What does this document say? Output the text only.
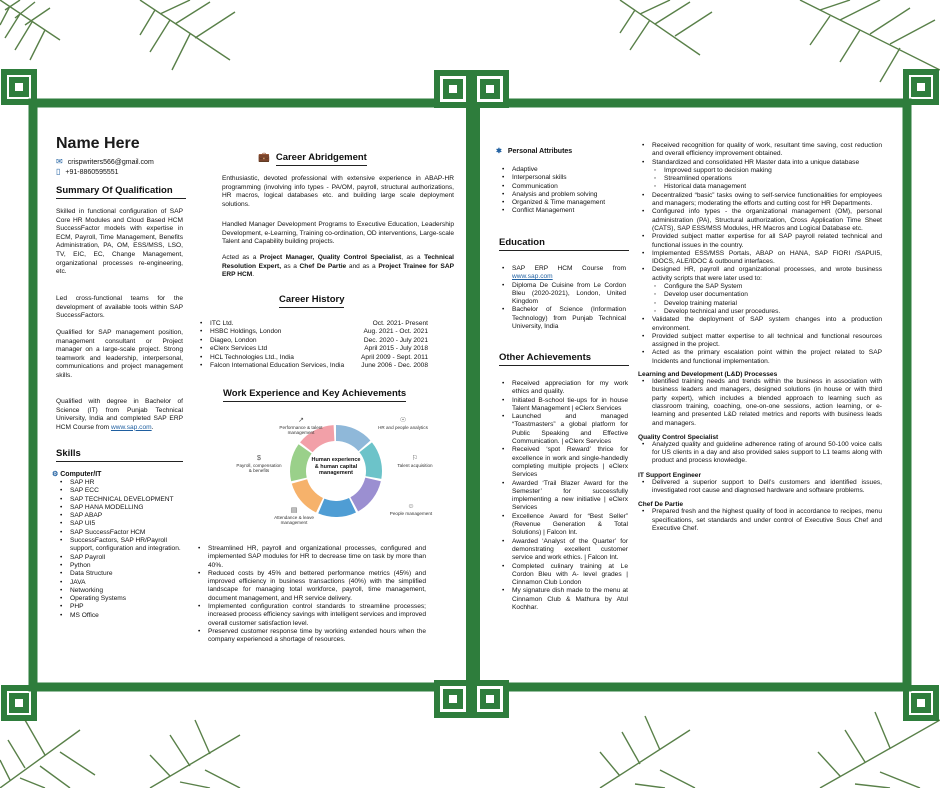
Name Here
✉ crispwriters566@gmail.com
▯ +91-8860595551
Summary Of Qualification
Skilled in functional configuration of SAP Core HR Modules and Cloud Based HCM SuccessFactor models with expertise in ECM, Payroll, Time Management, Benefits Administration, PA, OM, ESS/MSS, LSO, TV, EIC, EC, Change Management, organizational processes re-engineering, etc.
Led cross-functional teams for the development of available tools within SAP SuccessFactors.
Qualified for SAP management position, management consultant or Project manager on a large-scale project. Strong teamwork and leadership, interpersonal, communications and project management skills.
Qualified with degree in Bachelor of Science (IT) from Punjab Technical University, India and completed SAP ERP HCM Course from www.sap.com.
Skills
⚙ Computer/IT
• SAP HR
• SAP ECC
• SAP TECHNICAL DEVELOPMENT
• SAP HANA MODELLING
• SAP ABAP
• SAP UI5
• SAP SuccessFactor HCM
• SuccessFactors, SAP HR/Payroll support, configuration and integration.
• SAP Payroll
• Python
• Data Structure
• JAVA
• Networking
• Operating Systems
• PHP
• MS Office
💼 Career Abridgement
Enthusiastic, devoted professional with extensive experience in ABAP-HR programming (involving info types - PA/OM, payroll, structural authorizations, HR macros, logical databases etc. and building large scale deployment solutions.
Handled Manager Development Programs to Executive Education, Leadership Development, e-Learning, Training co-ordination, OD interventions, Large-scale Talent and Capability building projects.
Acted as a Project Manager, Quality Control Specialist, as a Technical Resolution Expert, as a Chef De Partie and as a Project Trainee for SAP ERP HCM.
Career History
• ITC Ltd.	Oct. 2021- Present
• HSBC Holdings, London	Aug. 2021 - Oct. 2021
• Diageo, London	Dec. 2020 - July 2021
• eClerx Services Ltd	April 2015 - July 2018
• HCL Technologies Ltd., India	April 2009 - Sept. 2011
• Falcon International Education Services, India	June 2006 - Dec. 2008
Work Experience and Key Achievements
Human experience & human capital management
↗
Performance & talent management
☉
HR and people analytics
⚐
Talent acquisition
☺
People management
▤
Attendance & leave management
$
Payroll, compensation & benefits
• Streamlined HR, payroll and organizational processes, configured and implemented SAP modules for HR to decrease time on task by more than 40%.
• Reduced costs by 45% and bettered performance metrics (45%) and improved efficiency in business transactions (40%) with the simplified landscape for managing total workforce, payroll, time management, document management, and HR service delivery.
• Implemented configuration control standards to streamline processes; increased process efficiency savings with intelligent services and improved overall customer satisfaction level.
• Preserved customer response time by working extended hours when the company experienced a shortage of resources.
✱ Personal Attributes
• Adaptive
• Interpersonal skills
• Communication
• Analysis and problem solving
• Organized & Time management
• Conflict Management
Education
• SAP ERP HCM Course from www.sap.com
• Diploma De Cuisine from Le Cordon Bleu (2020-2021), London, United Kingdom
• Bachelor of Science (Information Technology) from Punjab Technical University, India
Other Achievements
• Received appreciation for my work ethics and quality.
• Initiated B-school tie-ups for in house Talent Management | eClerx Services
• Launched and managed “Toastmasters” a global platform for Public Speaking and Effective Communication. | eClerx Services
• Received ‘spot Reward’ thrice for excellence in work and single-handedly completing multiple projects | eClerx Services
• Awarded ‘Trail Blazer Award for the Semester’ for successfully implementing a new initiative | eClerx Services
• Excellence Award for “Best Seller” (Revenue Generation & Total Solutions) | Falcon Int.
• Awarded ‘Analyst of the Quarter’ for demonstrating excellent customer service and work ethics. | Falcon Int.
• Completed culinary training at Le Cordon Bleu with A- level grades | Cinnamon Club London
• My signature dish made to the menu at Cinnamon Club & Mathura by Atul Kochhar.
• Received recognition for quality of work, resultant time saving, cost reduction and overall efficiency improvement obtained.
• Standardized and consolidated HR Master data into a unique database
◦ Improved support to decision making
◦ Streamlined operations
◦ Historical data management
• Decentralized “basic” tasks owing to self-service functionalities for employees and managers; moderating the efforts and cutting cost for HR Departments.
• Configured info types - the organizational management (OM), personal administration (PA), Structural authorization, Cross Application Time Sheet (CATS), SAP ESS/MSS Modules, HR Macros and Logical Database etc.
• Provided subject matter expertise for all SAP payroll related technical and functional issues in the country.
• Implemented ESS/MSS Portals, ABAP on HANA, SAP FIORI /SAPUI5, IDOCS, ALE/IDOC & outbound interfaces.
• Designed HR, payroll and organizational processes, and wrote business activity scripts that were later used to:
◦ Configure the SAP System
◦ Develop user documentation
◦ Develop training material
◦ Develop technical and user procedures.
• Validated the deployment of SAP system changes into a production environment.
• Provided subject matter expertise to all technical and functional resources assigned in the project.
• Acted as the primary escalation point within the project related to SAP Incidents and functional implementation.
Learning and Development (L&D) Processes
• Identified training needs and trends within the business in association with business leaders and managers, designed solutions (in house or with third party expert), which includes a blended approach to learning such as classroom training, coaching, one-on-one sessions, action learning, or e-learning and presented L&D related metrics and reports with business leads and managers.
Quality Control Specialist
• Analyzed quality and guideline adherence rating of around 50-100 voice calls for US clients in a day and also provided sales support to L1 teams along with product and process knowledge.
IT Support Engineer
• Delivered a superior support to Dell’s customers and identified issues, investigated root cause and diagnosed hardware and software problems.
Chef De Partie
• Prepared fresh and the highest quality of food in accordance to recipes, menu specifications, set standards and under control of Executive Sous Chef and Executive Chef.
